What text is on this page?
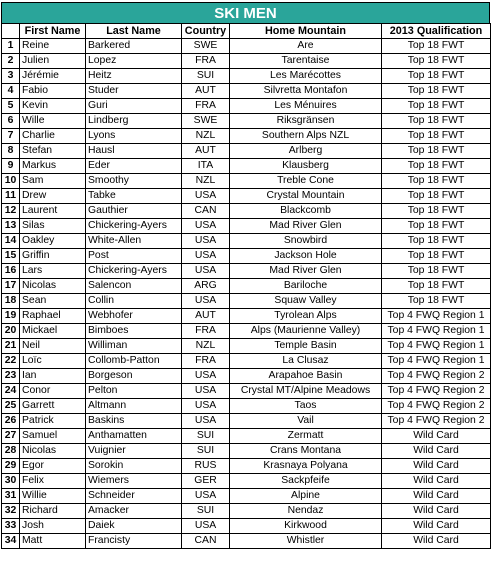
SKI MEN
	First Name	Last Name	Country	Home Mountain	2013 Qualification
1	Reine	Barkered	SWE	Are	Top 18 FWT
2	Julien	Lopez	FRA	Tarentaise	Top 18 FWT
3	Jérémie	Heitz	SUI	Les Marécottes	Top 18 FWT
4	Fabio	Studer	AUT	Silvretta Montafon	Top 18 FWT
5	Kevin	Guri	FRA	Les Ménuires	Top 18 FWT
6	Wille	Lindberg	SWE	Riksgränsen	Top 18 FWT
7	Charlie	Lyons	NZL	Southern Alps NZL	Top 18 FWT
8	Stefan	Hausl	AUT	Arlberg	Top 18 FWT
9	Markus	Eder	ITA	Klausberg	Top 18 FWT
10	Sam	Smoothy	NZL	Treble Cone	Top 18 FWT
11	Drew	Tabke	USA	Crystal Mountain	Top 18 FWT
12	Laurent	Gauthier	CAN	Blackcomb	Top 18 FWT
13	Silas	Chickering-Ayers	USA	Mad River Glen	Top 18 FWT
14	Oakley	White-Allen	USA	Snowbird	Top 18 FWT
15	Griffin	Post	USA	Jackson Hole	Top 18 FWT
16	Lars	Chickering-Ayers	USA	Mad River Glen	Top 18 FWT
17	Nicolas	Salencon	ARG	Bariloche	Top 18 FWT
18	Sean	Collin	USA	Squaw Valley	Top 18 FWT
19	Raphael	Webhofer	AUT	Tyrolean Alps	Top 4 FWQ Region 1
20	Mickael	Bimboes	FRA	Alps (Maurienne Valley)	Top 4 FWQ Region 1
21	Neil	Williman	NZL	Temple Basin	Top 4 FWQ Region 1
22	Loïc	Collomb-Patton	FRA	La Clusaz	Top 4 FWQ Region 1
23	Ian	Borgeson	USA	Arapahoe Basin	Top 4 FWQ Region 2
24	Conor	Pelton	USA	Crystal MT/Alpine Meadows	Top 4 FWQ Region 2
25	Garrett	Altmann	USA	Taos	Top 4 FWQ Region 2
26	Patrick	Baskins	USA	Vail	Top 4 FWQ Region 2
27	Samuel	Anthamatten	SUI	Zermatt	Wild Card
28	Nicolas	Vuignier	SUI	Crans Montana	Wild Card
29	Egor	Sorokin	RUS	Krasnaya Polyana	Wild Card
30	Felix	Wiemers	GER	Sackpfeife	Wild Card
31	Willie	Schneider	USA	Alpine	Wild Card
32	Richard	Amacker	SUI	Nendaz	Wild Card
33	Josh	Daiek	USA	Kirkwood	Wild Card
34	Matt	Francisty	CAN	Whistler	Wild Card
